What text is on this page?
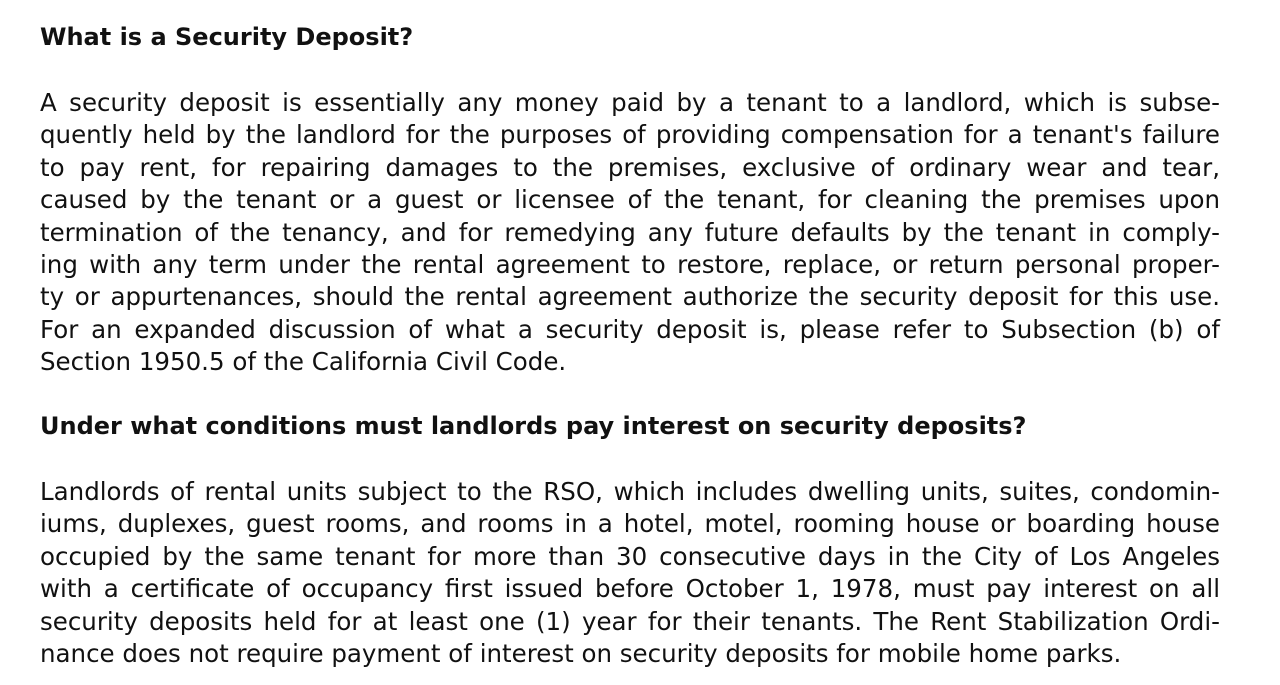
What is a Security Deposit?
A security deposit is essentially any money paid by a tenant to a landlord, which is subse-
quently held by the landlord for the purposes of providing compensation for a tenant's failure
to pay rent, for repairing damages to the premises, exclusive of ordinary wear and tear,
caused by the tenant or a guest or licensee of the tenant, for cleaning the premises upon
termination of the tenancy, and for remedying any future defaults by the tenant in comply-
ing with any term under the rental agreement to restore, replace, or return personal proper-
ty or appurtenances, should the rental agreement authorize the security deposit for this use.
For an expanded discussion of what a security deposit is, please refer to Subsection (b) of
Section 1950.5 of the California Civil Code.
Under what conditions must landlords pay interest on security deposits?
Landlords of rental units subject to the RSO, which includes dwelling units, suites, condomin-
iums, duplexes, guest rooms, and rooms in a hotel, motel, rooming house or boarding house
occupied by the same tenant for more than 30 consecutive days in the City of Los Angeles
with a certificate of occupancy first issued before October 1, 1978, must pay interest on all
security deposits held for at least one (1) year for their tenants. The Rent Stabilization Ordi-
nance does not require payment of interest on security deposits for mobile home parks.
